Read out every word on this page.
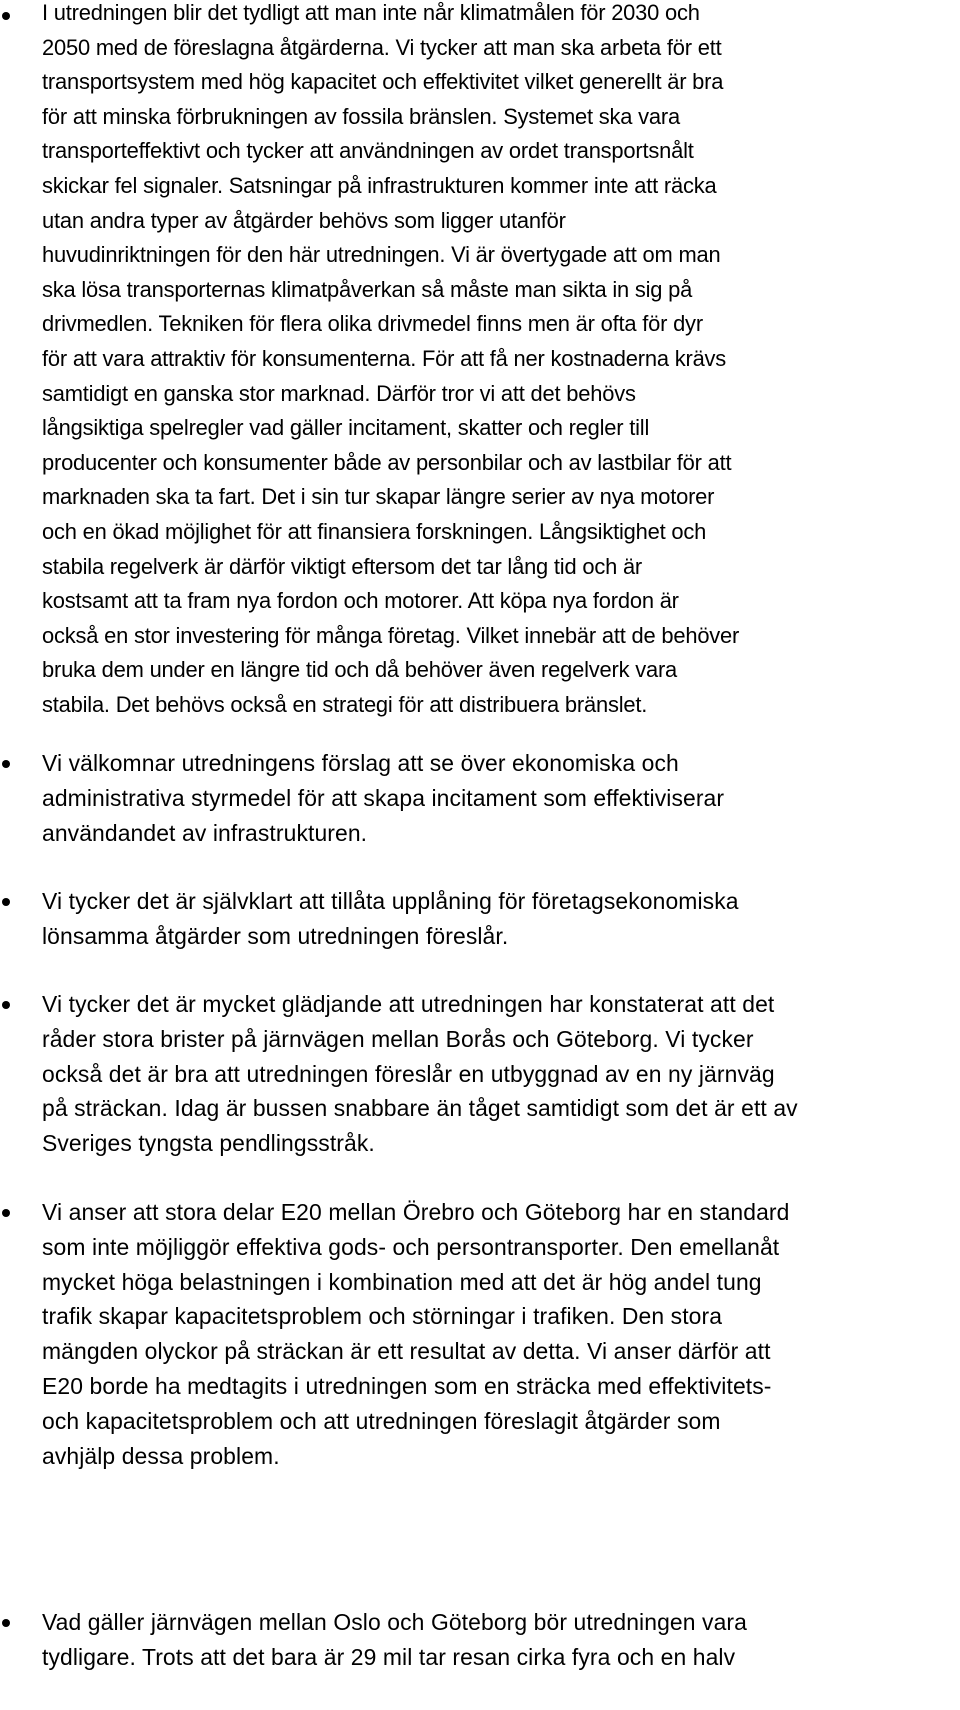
I utredningen blir det tydligt att man inte når klimatmålen för 2030 och
2050 med de föreslagna åtgärderna. Vi tycker att man ska arbeta för ett
transportsystem med hög kapacitet och effektivitet vilket generellt är bra
för att minska förbrukningen av fossila bränslen. Systemet ska vara
transporteffektivt och tycker att användningen av ordet transportsnålt
skickar fel signaler. Satsningar på infrastrukturen kommer inte att räcka
utan andra typer av åtgärder behövs som ligger utanför
huvudinriktningen för den här utredningen. Vi är övertygade att om man
ska lösa transporternas klimatpåverkan så måste man sikta in sig på
drivmedlen. Tekniken för flera olika drivmedel finns men är ofta för dyr
för att vara attraktiv för konsumenterna. För att få ner kostnaderna krävs
samtidigt en ganska stor marknad. Därför tror vi att det behövs
långsiktiga spelregler vad gäller incitament, skatter och regler till
producenter och konsumenter både av personbilar och av lastbilar för att
marknaden ska ta fart. Det i sin tur skapar längre serier av nya motorer
och en ökad möjlighet för att finansiera forskningen. Långsiktighet och
stabila regelverk är därför viktigt eftersom det tar lång tid och är
kostsamt att ta fram nya fordon och motorer. Att köpa nya fordon är
också en stor investering för många företag. Vilket innebär att de behöver
bruka dem under en längre tid och då behöver även regelverk vara
stabila. Det behövs också en strategi för att distribuera bränslet.

Vi välkomnar utredningens förslag att se över ekonomiska och
administrativa styrmedel för att skapa incitament som effektiviserar
användandet av infrastrukturen.

Vi tycker det är självklart att tillåta upplåning för företagsekonomiska
lönsamma åtgärder som utredningen föreslår.

Vi tycker det är mycket glädjande att utredningen har konstaterat att det
råder stora brister på järnvägen mellan Borås och Göteborg. Vi tycker
också det är bra att utredningen föreslår en utbyggnad av en ny järnväg
på sträckan. Idag är bussen snabbare än tåget samtidigt som det är ett av
Sveriges tyngsta pendlingsstråk.

Vi anser att stora delar E20 mellan Örebro och Göteborg har en standard
som inte möjliggör effektiva gods- och persontransporter. Den emellanåt
mycket höga belastningen i kombination med att det är hög andel tung
trafik skapar kapacitetsproblem och störningar i trafiken. Den stora
mängden olyckor på sträckan är ett resultat av detta. Vi anser därför att
E20 borde ha medtagits i utredningen som en sträcka med effektivitets-
och kapacitetsproblem och att utredningen föreslagit åtgärder som
avhjälp dessa problem.

Vad gäller järnvägen mellan Oslo och Göteborg bör utredningen vara
tydligare. Trots att det bara är 29 mil tar resan cirka fyra och en halv
